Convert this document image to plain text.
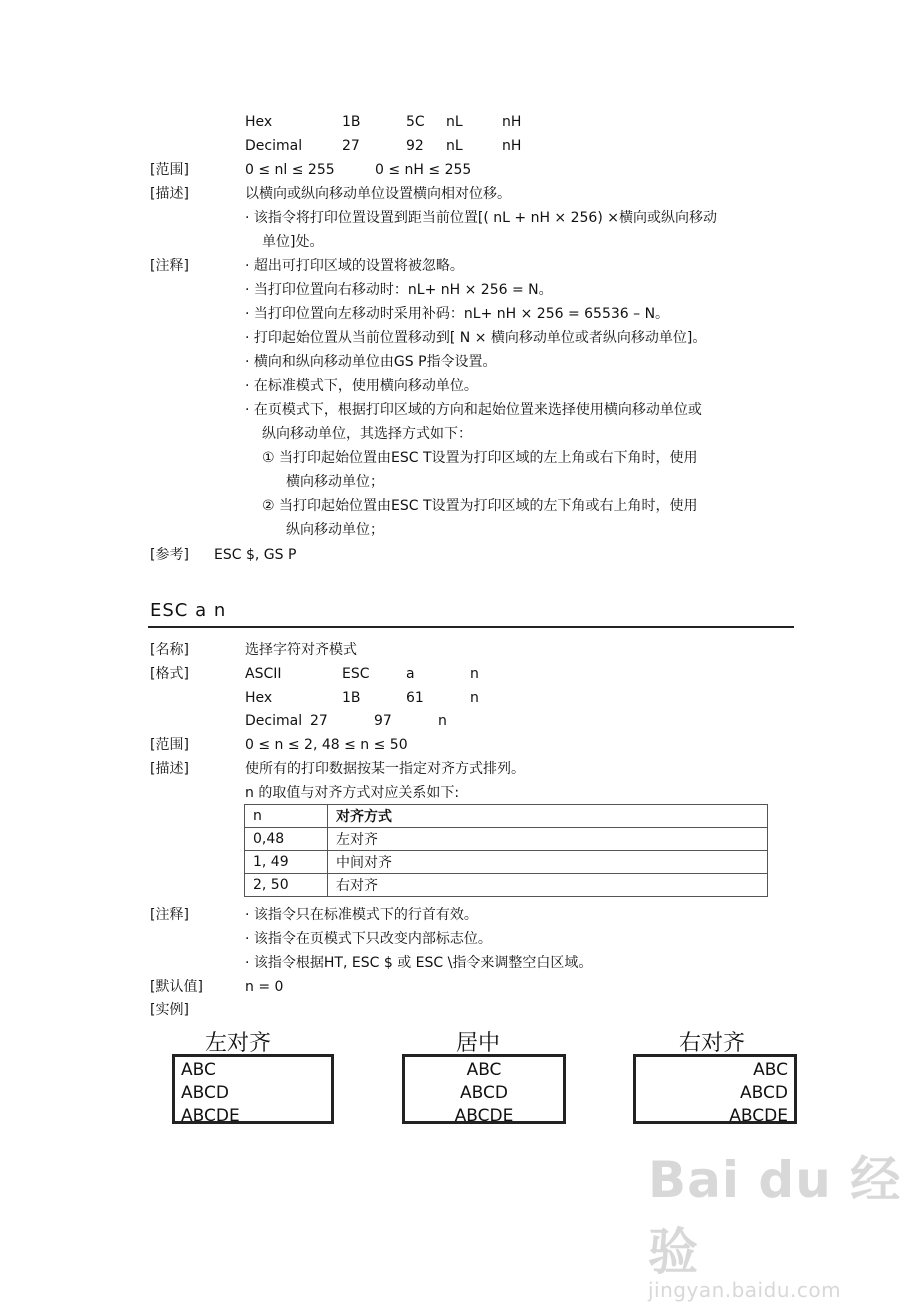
Hex	1B	5C nL	nH
Decimal	27	92 nL	nH
[范围]	0 ≤ nl ≤ 255	0 ≤ nH ≤ 255
[描述]	以横向或纵向移动单位设置横向相对位移。
· 该指令将打印位置设置到距当前位置[( nL + nH × 256) ×横向或纵向移动
单位]处。
[注释]	· 超出可打印区域的设置将被忽略。
· 当打印位置向右移动时：nL+ nH × 256 = N。
· 当打印位置向左移动时采用补码：nL+ nH × 256 = 65536 – N。
· 打印起始位置从当前位置移动到[ N × 横向移动单位或者纵向移动单位]。
· 横向和纵向移动单位由GS P指令设置。
· 在标准模式下，使用横向移动单位。
· 在页模式下，根据打印区域的方向和起始位置来选择使用横向移动单位或
纵向移动单位，其选择方式如下：
① 当打印起始位置由ESC T设置为打印区域的左上角或右下角时，使用
横向移动单位；
② 当打印起始位置由ESC T设置为打印区域的左下角或右上角时，使用
纵向移动单位；
[参考] ESC $, GS P
ESC a n
[名称]	选择字符对齐模式
[格式]	ASCII	ESC	a	n
Hex	1B	61	n
Decimal 27	97	n
[范围]	0 ≤ n ≤ 2, 48 ≤ n ≤ 50
[描述]	使所有的打印数据按某一指定对齐方式排列。
n 的取值与对齐方式对应关系如下:
n	对齐方式
0,48	左对齐
1, 49	中间对齐
2, 50	右对齐
[注释]	· 该指令只在标准模式下的行首有效。
· 该指令在页模式下只改变内部标志位。
· 该指令根据HT, ESC $ 或 ESC \指令来调整空白区域。
[默认值]	n = 0
[实例]
左对齐
ABC
ABCD
ABCDE
居中
ABC
ABCD
ABCDE
右对齐
ABC
ABCD
ABCDE
Bai du 经验
jingyan.baidu.com
